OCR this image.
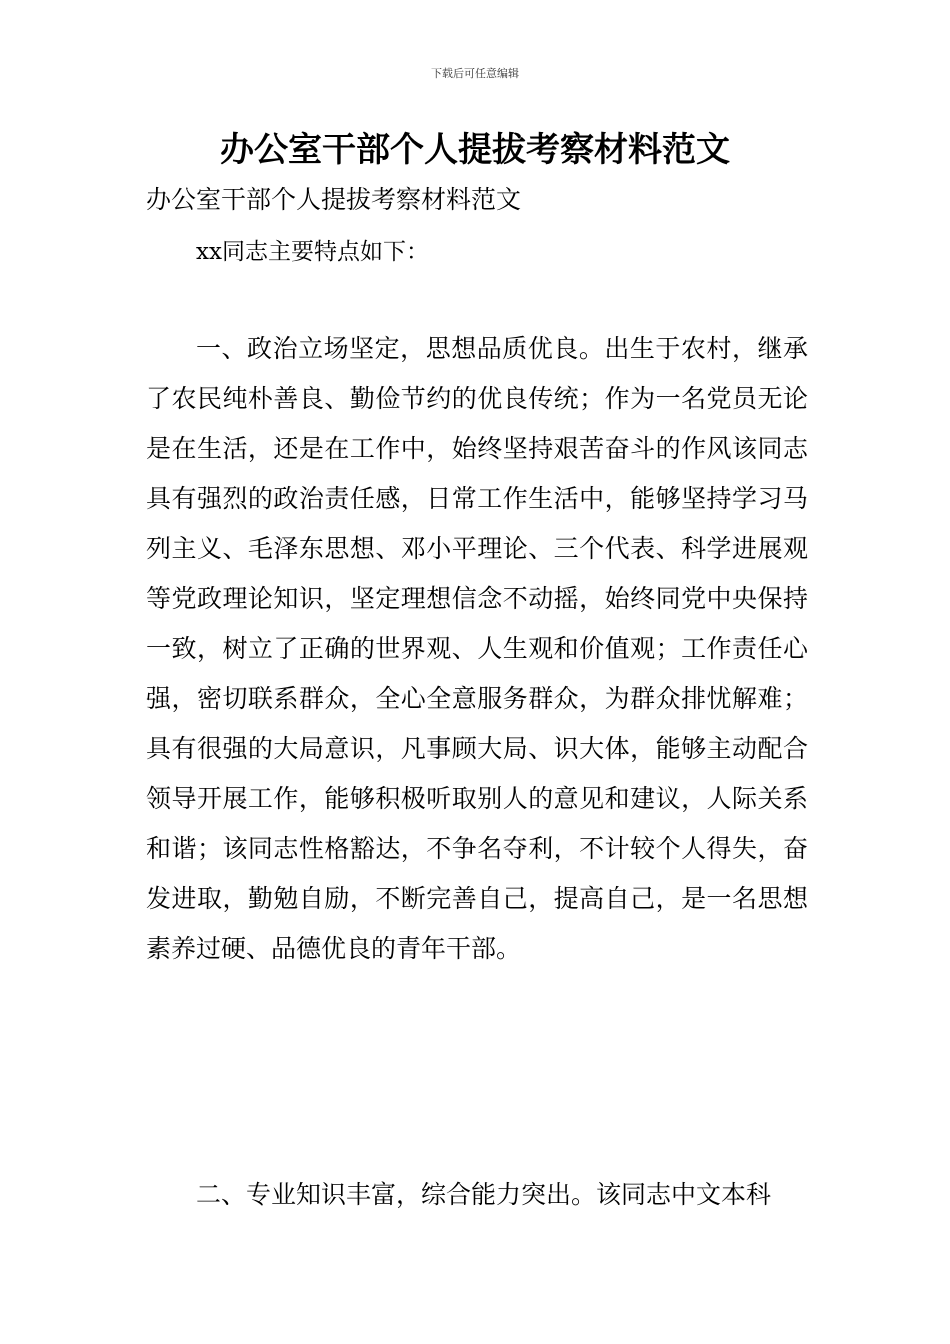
下载后可任意编辑
办公室干部个人提拔考察材料范文
办公室干部个人提拔考察材料范文
xx同志主要特点如下：

一、政治立场坚定，思想品质优良。出生于农村，继承了农民纯朴善良、勤俭节约的优良传统；作为一名党员无论是在生活，还是在工作中，始终坚持艰苦奋斗的作风该同志具有强烈的政治责任感，日常工作生活中，能够坚持学习马列主义、毛泽东思想、邓小平理论、三个代表、科学进展观等党政理论知识，坚定理想信念不动摇，始终同党中央保持一致，树立了正确的世界观、人生观和价值观；工作责任心强，密切联系群众，全心全意服务群众，为群众排忧解难；具有很强的大局意识，凡事顾大局、识大体，能够主动配合领导开展工作，能够积极听取别人的意见和建议，人际关系和谐；该同志性格豁达，不争名夺利，不计较个人得失，奋发进取，勤勉自励，不断完善自己，提高自己，是一名思想素养过硬、品德优良的青年干部。

二、专业知识丰富，综合能力突出。该同志中文本科
